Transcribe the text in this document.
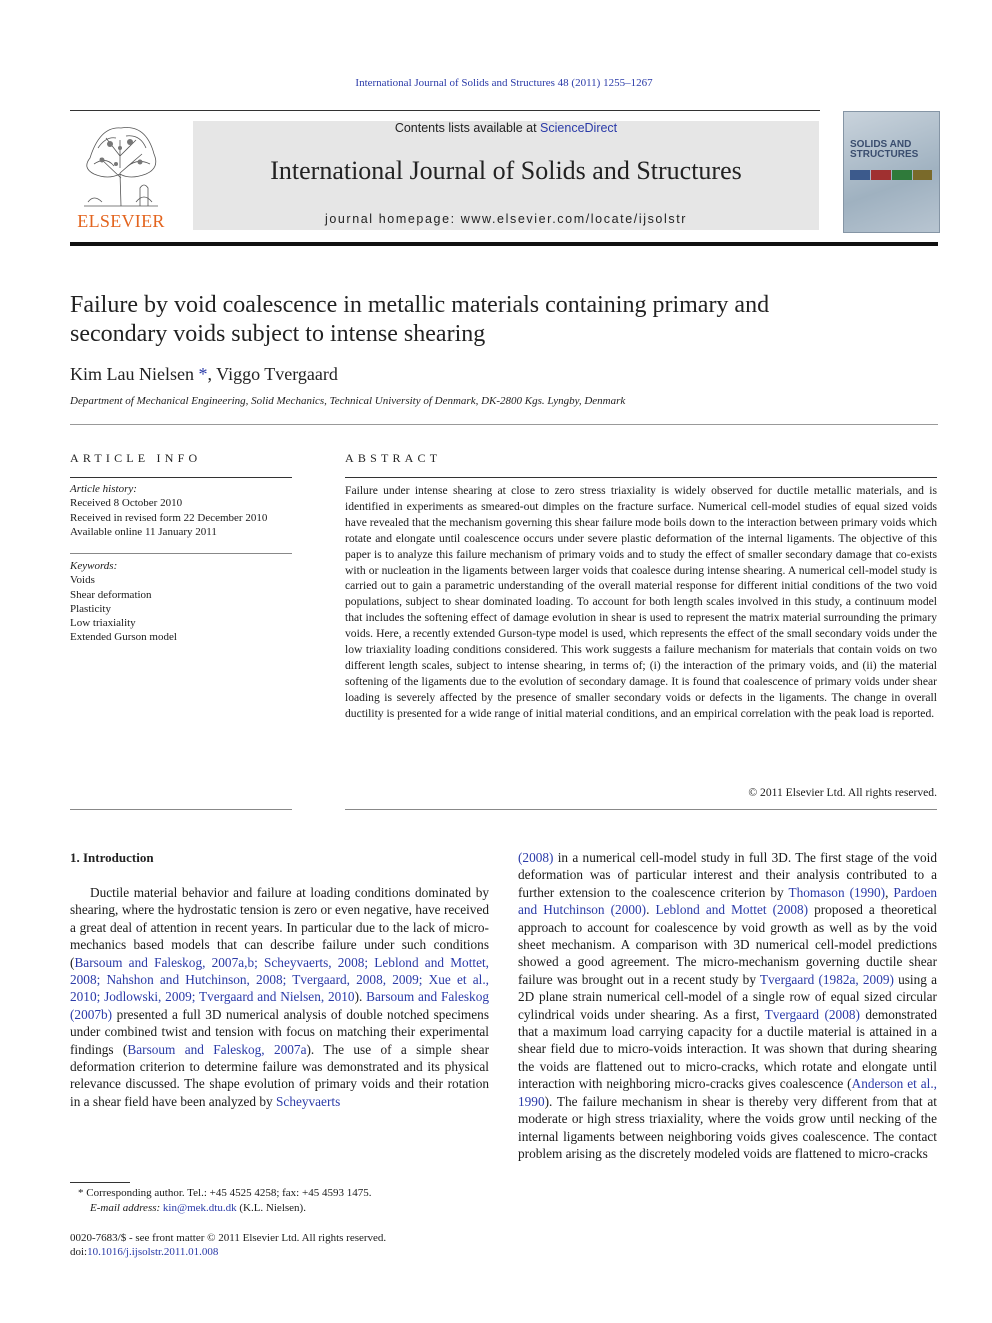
International Journal of Solids and Structures 48 (2011) 1255–1267
ELSEVIER
Contents lists available at ScienceDirect
International Journal of Solids and Structures
journal homepage: www.elsevier.com/locate/ijsolstr
SOLIDS AND STRUCTURES
Failure by void coalescence in metallic materials containing primary and secondary voids subject to intense shearing
Kim Lau Nielsen *, Viggo Tvergaard
Department of Mechanical Engineering, Solid Mechanics, Technical University of Denmark, DK-2800 Kgs. Lyngby, Denmark
ARTICLE INFO
Article history:
Received 8 October 2010
Received in revised form 22 December 2010
Available online 11 January 2011
Keywords:
Voids
Shear deformation
Plasticity
Low triaxiality
Extended Gurson model
ABSTRACT
Failure under intense shearing at close to zero stress triaxiality is widely observed for ductile metallic materials, and is identified in experiments as smeared-out dimples on the fracture surface. Numerical cell-model studies of equal sized voids have revealed that the mechanism governing this shear failure mode boils down to the interaction between primary voids which rotate and elongate until coalescence occurs under severe plastic deformation of the internal ligaments. The objective of this paper is to analyze this failure mechanism of primary voids and to study the effect of smaller secondary damage that co-exists with or nucleation in the ligaments between larger voids that coalesce during intense shearing. A numerical cell-model study is carried out to gain a parametric understanding of the overall material response for different initial conditions of the two void populations, subject to shear dominated loading. To account for both length scales involved in this study, a continuum model that includes the softening effect of damage evolution in shear is used to represent the matrix material surrounding the primary voids. Here, a recently extended Gurson-type model is used, which represents the effect of the small secondary voids under the low triaxiality loading conditions considered. This work suggests a failure mechanism for materials that contain voids on two different length scales, subject to intense shearing, in terms of; (i) the interaction of the primary voids, and (ii) the material softening of the ligaments due to the evolution of secondary damage. It is found that coalescence of primary voids under shear loading is severely affected by the presence of smaller secondary voids or defects in the ligaments. The change in overall ductility is presented for a wide range of initial material conditions, and an empirical correlation with the peak load is reported.
© 2011 Elsevier Ltd. All rights reserved.
1. Introduction
Ductile material behavior and failure at loading conditions dominated by shearing, where the hydrostatic tension is zero or even negative, have received a great deal of attention in recent years. In particular due to the lack of micro-mechanics based models that can describe failure under such conditions (Barsoum and Faleskog, 2007a,b; Scheyvaerts, 2008; Leblond and Mottet, 2008; Nahshon and Hutchinson, 2008; Tvergaard, 2008, 2009; Xue et al., 2010; Jodlowski, 2009; Tvergaard and Nielsen, 2010). Barsoum and Faleskog (2007b) presented a full 3D numerical analysis of double notched specimens under combined twist and tension with focus on matching their experimental findings (Barsoum and Faleskog, 2007a). The use of a simple shear deformation criterion to determine failure was demonstrated and its physical relevance discussed. The shape evolution of primary voids and their rotation in a shear field have been analyzed by Scheyvaerts
(2008) in a numerical cell-model study in full 3D. The first stage of the void deformation was of particular interest and their analysis contributed to a further extension to the coalescence criterion by Thomason (1990), Pardoen and Hutchinson (2000). Leblond and Mottet (2008) proposed a theoretical approach to account for coalescence by void growth as well as by the void sheet mechanism. A comparison with 3D numerical cell-model predictions showed a good agreement. The micro-mechanism governing ductile shear failure was brought out in a recent study by Tvergaard (1982a, 2009) using a 2D plane strain numerical cell-model of a single row of equal sized circular cylindrical voids under shearing. As a first, Tvergaard (2008) demonstrated that a maximum load carrying capacity for a ductile material is attained in a shear field due to micro-voids interaction. It was shown that during shearing the voids are flattened out to micro-cracks, which rotate and elongate until interaction with neighboring micro-cracks gives coalescence (Anderson et al., 1990). The failure mechanism in shear is thereby very different from that at moderate or high stress triaxiality, where the voids grow until necking of the internal ligaments between neighboring voids gives coalescence. The contact problem arising as the discretely modeled voids are flattened to micro-cracks
* Corresponding author. Tel.: +45 4525 4258; fax: +45 4593 1475.
E-mail address: kin@mek.dtu.dk (K.L. Nielsen).
0020-7683/$ - see front matter © 2011 Elsevier Ltd. All rights reserved.
doi:10.1016/j.ijsolstr.2011.01.008
